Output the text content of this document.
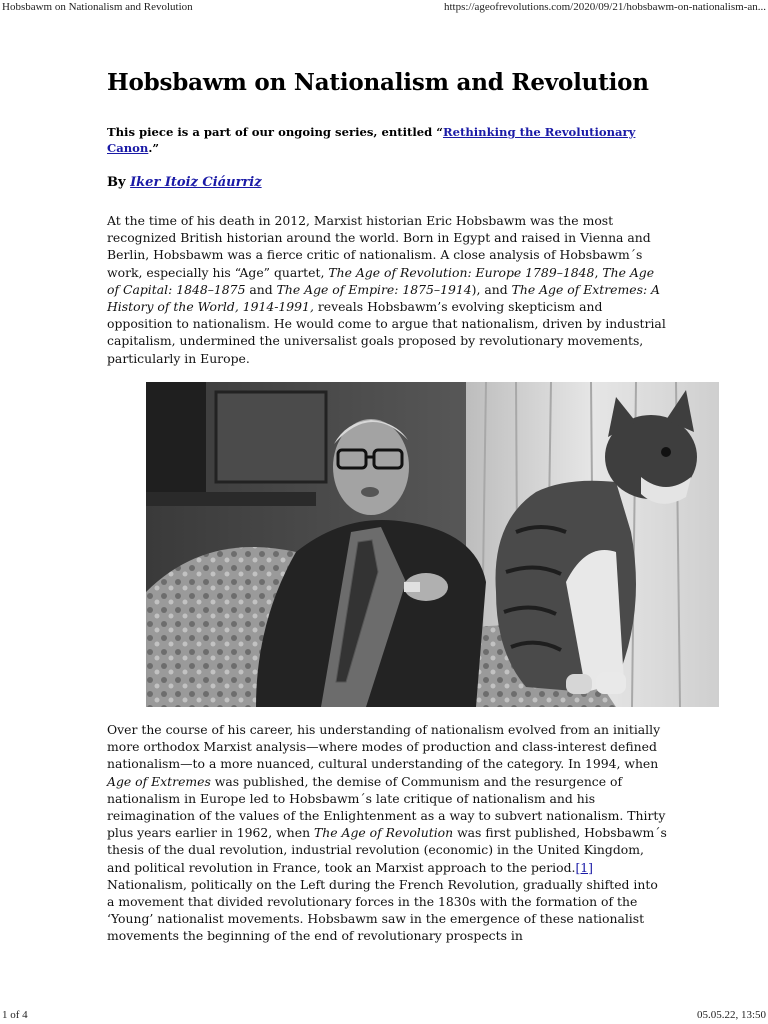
Hobsbawm on Nationalism and Revolution	https://ageofrevolutions.com/2020/09/21/hobsbawm-on-nationalism-an...
Hobsbawm on Nationalism and Revolution
This piece is a part of our ongoing series, entitled “Rethinking the Revolutionary Canon.”
By Iker Itoiz Ciáurriz

At the time of his death in 2012, Marxist historian Eric Hobsbawm was the most recognized British historian around the world. Born in Egypt and raised in Vienna and Berlin, Hobsbawm was a fierce critic of nationalism. A close analysis of Hobsbawm´s work, especially his “Age” quartet, The Age of Revolution: Europe 1789–1848, The Age of Capital: 1848–1875 and The Age of Empire: 1875–1914), and The Age of Extremes: A History of the World, 1914-1991, reveals Hobsbawm’s evolving skepticism and opposition to nationalism. He would come to argue that nationalism, driven by industrial capitalism, undermined the universalist goals proposed by revolutionary movements, particularly in Europe.

Over the course of his career, his understanding of nationalism evolved from an initially more orthodox Marxist analysis—where modes of production and class-interest defined nationalism—to a more nuanced, cultural understanding of the category. In 1994, when Age of Extremes was published, the demise of Communism and the resurgence of nationalism in Europe led to Hobsbawm´s late critique of nationalism and his reimagination of the values of the Enlightenment as a way to subvert nationalism. Thirty plus years earlier in 1962, when The Age of Revolution was first published, Hobsbawm´s thesis of the dual revolution, industrial revolution (economic) in the United Kingdom, and political revolution in France, took an Marxist approach to the period.[1] Nationalism, politically on the Left during the French Revolution, gradually shifted into a movement that divided revolutionary forces in the 1830s with the formation of the ‘Young’ nationalist movements. Hobsbawm saw in the emergence of these nationalist movements the beginning of the end of revolutionary prospects in

1 of 4	05.05.22, 13:50
